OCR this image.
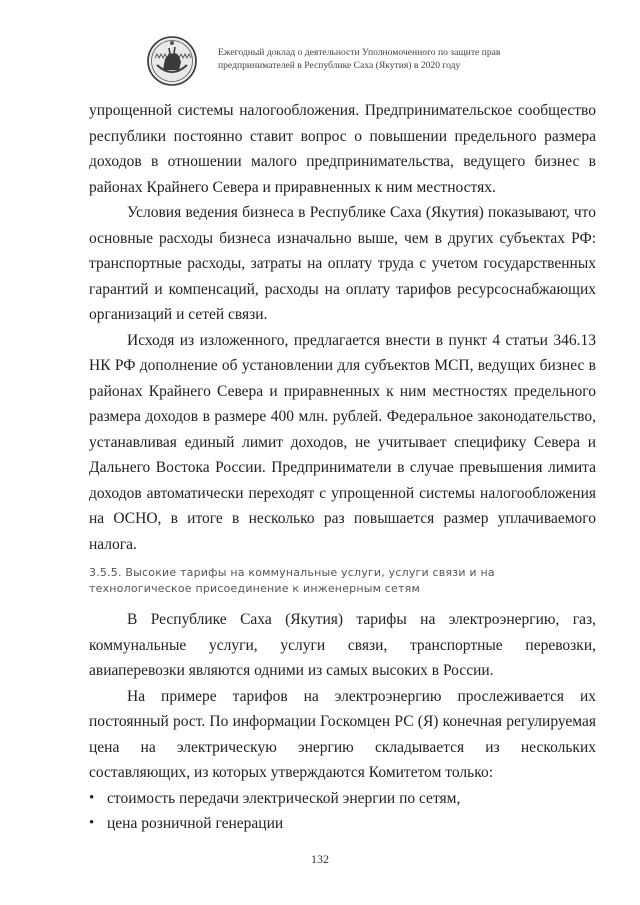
Ежегодный доклад о деятельности Уполномоченного по защите прав
предпринимателей в Республике Саха (Якутия) в 2020 году

упрощенной системы налогообложения. Предпринимательское сообщество республики постоянно ставит вопрос о повышении предельного размера доходов в отношении малого предпринимательства, ведущего бизнес в районах Крайнего Севера и приравненных к ним местностях.

Условия ведения бизнеса в Республике Саха (Якутия) показывают, что основные расходы бизнеса изначально выше, чем в других субъектах РФ: транспортные расходы, затраты на оплату труда с учетом государственных гарантий и компенсаций, расходы на оплату тарифов ресурсоснабжающих организаций и сетей связи.

Исходя из изложенного, предлагается внести в пункт 4 статьи 346.13 НК РФ дополнение об установлении для субъектов МСП, ведущих бизнес в районах Крайнего Севера и приравненных к ним местностях предельного размера доходов в размере 400 млн. рублей. Федеральное законодательство, устанавливая единый лимит доходов, не учитывает специфику Севера и Дальнего Востока России. Предприниматели в случае превышения лимита доходов автоматически переходят с упрощенной системы налогообложения на ОСНО, в итоге в несколько раз повышается размер уплачиваемого налога.

3.5.5. Высокие тарифы на коммунальные услуги, услуги связи и на технологическое присоединение к инженерным сетям

В Республике Саха (Якутия) тарифы на электроэнергию, газ, коммунальные услуги, услуги связи, транспортные перевозки, авиаперевозки являются одними из самых высоких в России.

На примере тарифов на электроэнергию прослеживается их постоянный рост. По информации Госкомцен РС (Я) конечная регулируемая цена на электрическую энергию складывается из нескольких составляющих, из которых утверждаются Комитетом только:

• стоимость передачи электрической энергии по сетям,
• цена розничной генерации
132
